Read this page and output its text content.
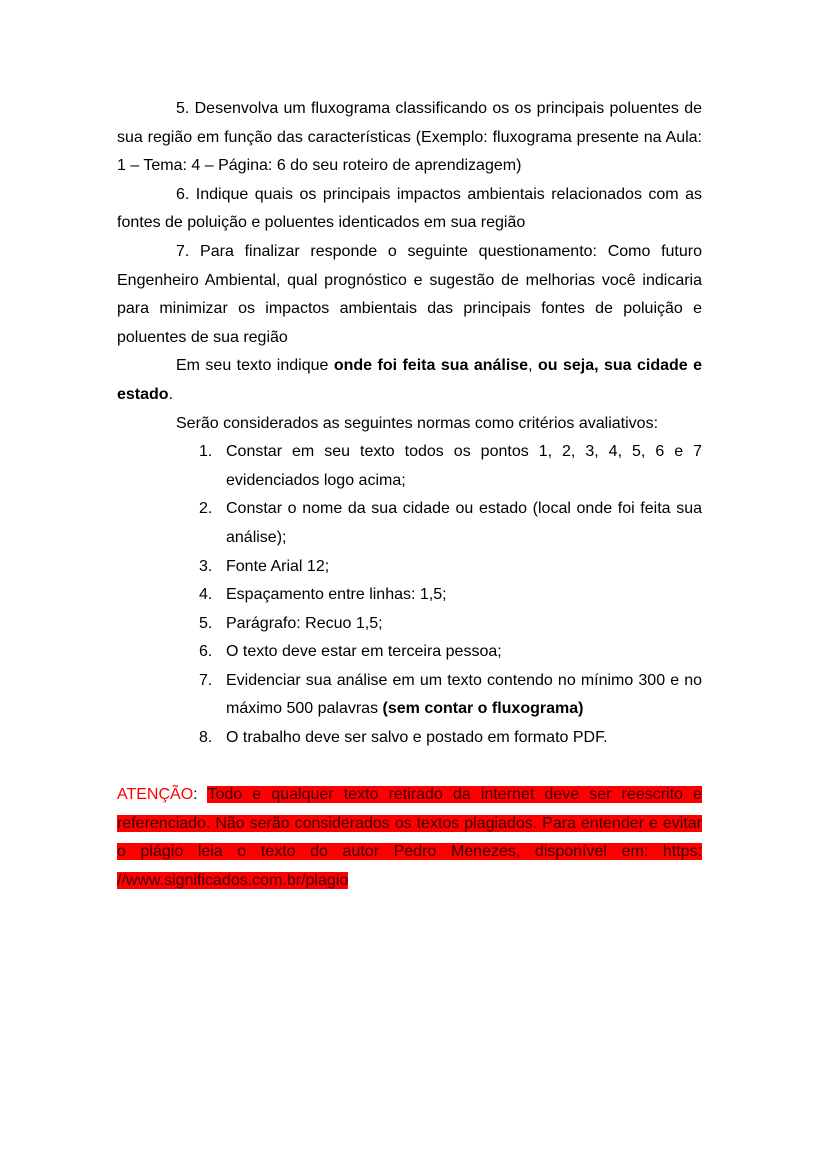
5. Desenvolva um fluxograma classificando os os principais poluentes de sua região em função das características (Exemplo: fluxograma presente na Aula: 1 – Tema: 4 – Página: 6 do seu roteiro de aprendizagem)

6. Indique quais os principais impactos ambientais relacionados com as fontes de poluição e poluentes identicados em sua região

7. Para finalizar responde o seguinte questionamento: Como futuro Engenheiro Ambiental, qual prognóstico e sugestão de melhorias você indicaria para minimizar os impactos ambientais das principais fontes de poluição e poluentes de sua região

Em seu texto indique onde foi feita sua análise, ou seja, sua cidade e estado.

Serão considerados as seguintes normas como critérios avaliativos:

1. Constar em seu texto todos os pontos 1, 2, 3, 4, 5, 6 e 7 evidenciados logo acima;
2. Constar o nome da sua cidade ou estado (local onde foi feita sua análise);
3. Fonte Arial 12;
4. Espaçamento entre linhas: 1,5;
5. Parágrafo: Recuo 1,5;
6. O texto deve estar em terceira pessoa;
7. Evidenciar sua análise em um texto contendo no mínimo 300 e no máximo 500 palavras (sem contar o fluxograma)
8. O trabalho deve ser salvo e postado em formato PDF.

ATENÇÃO: Todo e qualquer texto retirado da internet deve ser reescrito e referenciado. Não serão considerados os textos plagiados. Para entender e evitar o plágio leia o texto do autor Pedro Menezes, disponível em: https: //www.significados.com.br/plagio
